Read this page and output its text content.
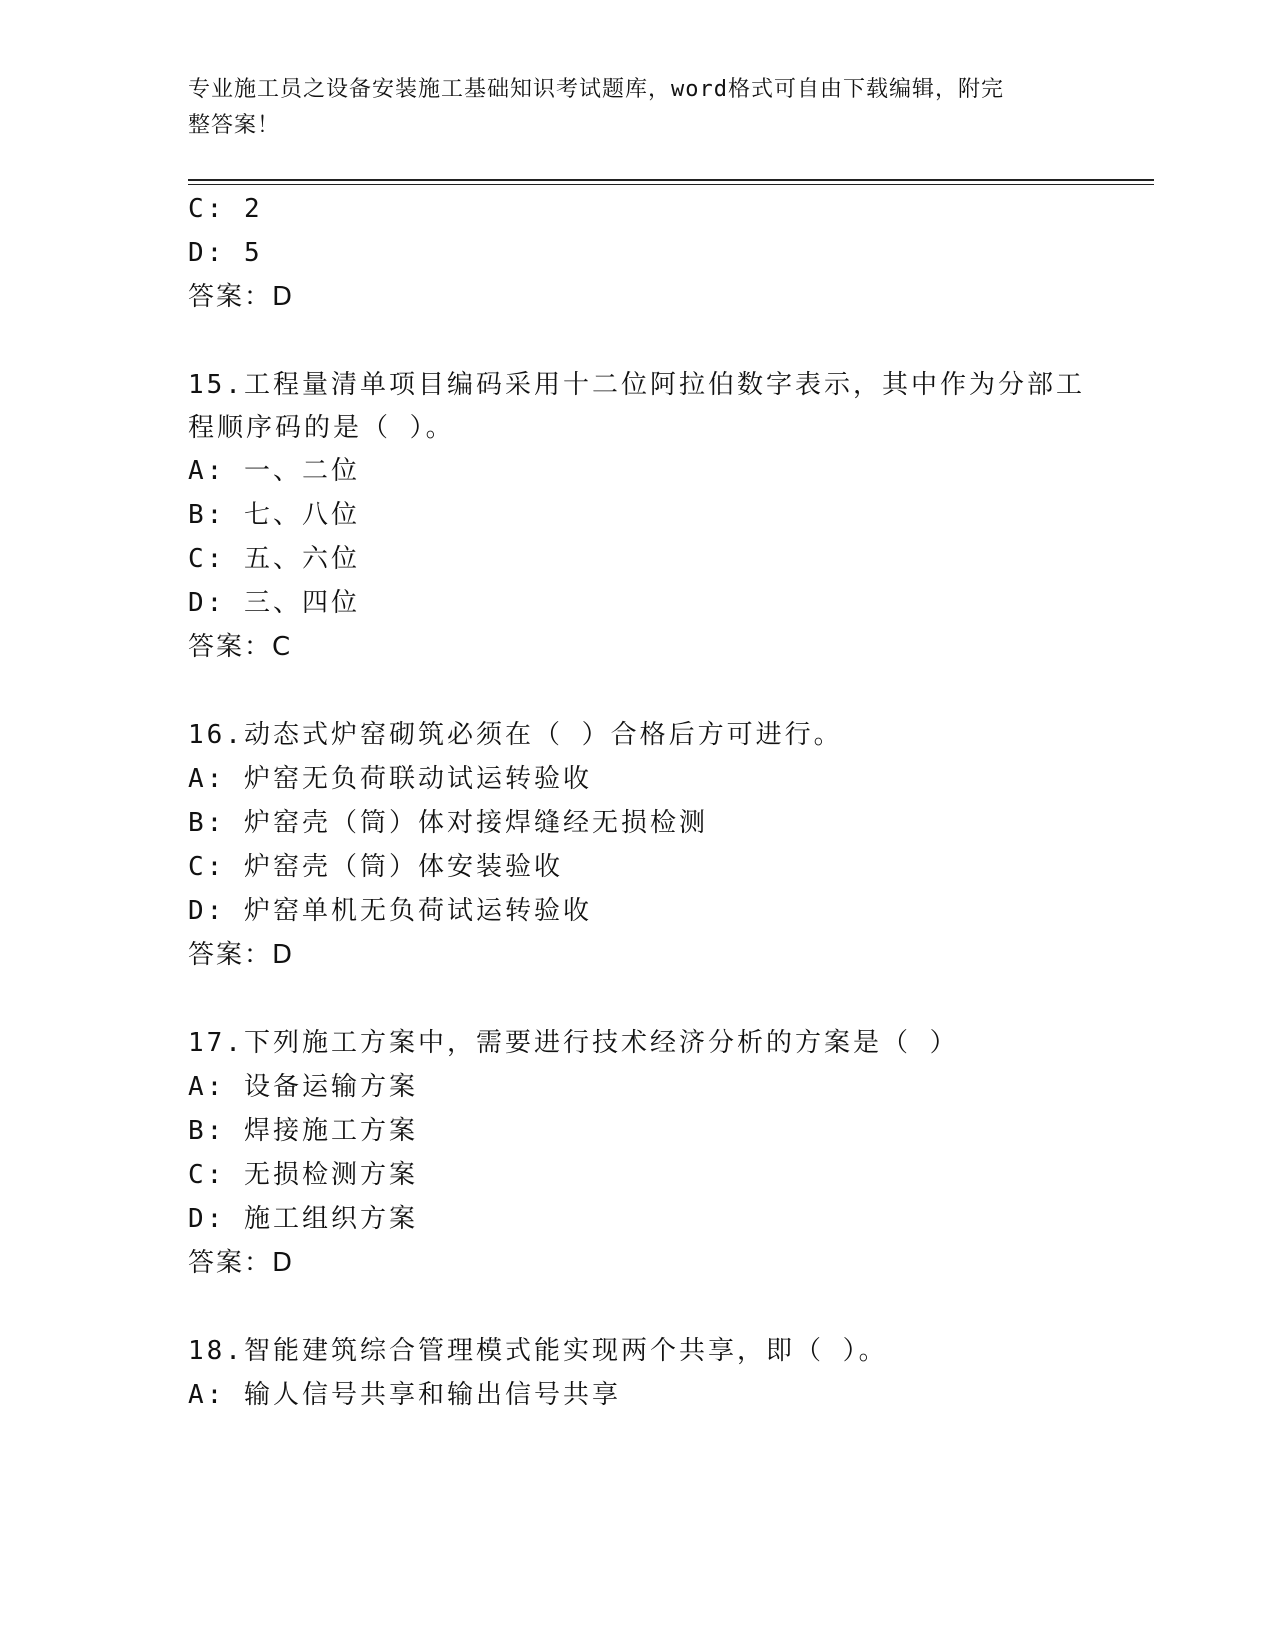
专业施工员之设备安装施工基础知识考试题库，word格式可自由下载编辑，附完
整答案！
C: 2
D: 5
答案：D
15.工程量清单项目编码采用十二位阿拉伯数字表示，其中作为分部工
程顺序码的是（ ）。
A: 一、二位
B: 七、八位
C: 五、六位
D: 三、四位
答案：C
16.动态式炉窑砌筑必须在（ ）合格后方可进行。
A: 炉窑无负荷联动试运转验收
B: 炉窑壳（筒）体对接焊缝经无损检测
C: 炉窑壳（筒）体安装验收
D: 炉窑单机无负荷试运转验收
答案：D
17.下列施工方案中，需要进行技术经济分析的方案是（ ）
A: 设备运输方案
B: 焊接施工方案
C: 无损检测方案
D: 施工组织方案
答案：D
18.智能建筑综合管理模式能实现两个共享，即（ ）。
A: 输人信号共享和输出信号共享
